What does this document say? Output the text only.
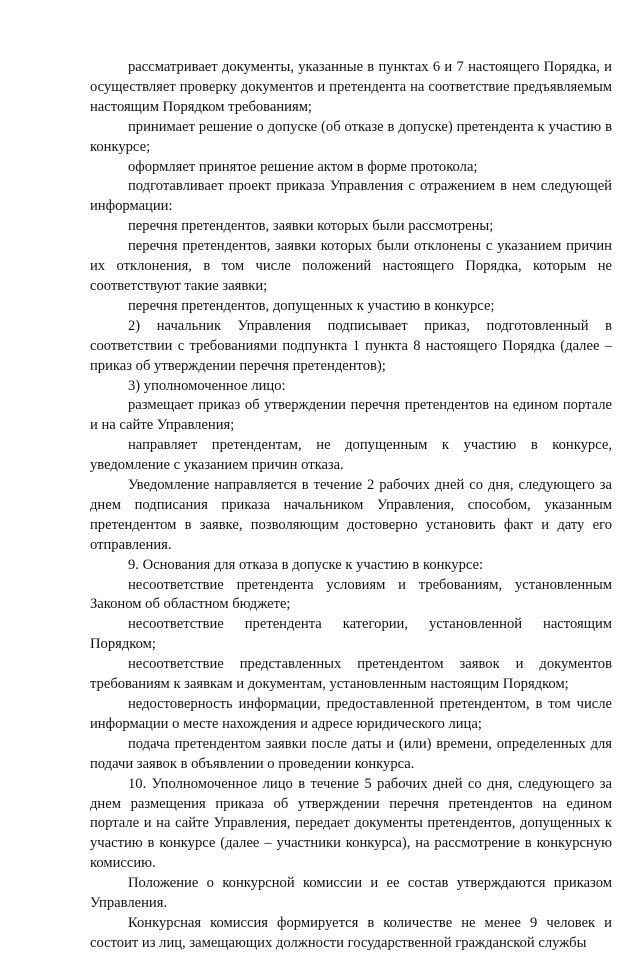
рассматривает документы, указанные в пунктах 6 и 7 настоящего Порядка, и осуществляет проверку документов и претендента на соответствие предъявляемым настоящим Порядком требованиям;

принимает решение о допуске (об отказе в допуске) претендента к участию в конкурсе;

оформляет принятое решение актом в форме протокола;

подготавливает проект приказа Управления с отражением в нем следующей информации:

перечня претендентов, заявки которых были рассмотрены;

перечня претендентов, заявки которых были отклонены с указанием причин их отклонения, в том числе положений настоящего Порядка, которым не соответствуют такие заявки;

перечня претендентов, допущенных к участию в конкурсе;

2) начальник Управления подписывает приказ, подготовленный в соответствии с требованиями подпункта 1 пункта 8 настоящего Порядка (далее – приказ об утверждении перечня претендентов);

3) уполномоченное лицо:

размещает приказ об утверждении перечня претендентов на едином портале и на сайте Управления;

направляет претендентам, не допущенным к участию в конкурсе, уведомление с указанием причин отказа.

Уведомление направляется в течение 2 рабочих дней со дня, следующего за днем подписания приказа начальником Управления, способом, указанным претендентом в заявке, позволяющим достоверно установить факт и дату его отправления.

9. Основания для отказа в допуске к участию в конкурсе:

несоответствие претендента условиям и требованиям, установленным Законом об областном бюджете;

несоответствие претендента категории, установленной настоящим Порядком;

несоответствие представленных претендентом заявок и документов требованиям к заявкам и документам, установленным настоящим Порядком;

недостоверность информации, предоставленной претендентом, в том числе информации о месте нахождения и адресе юридического лица;

подача претендентом заявки после даты и (или) времени, определенных для подачи заявок в объявлении о проведении конкурса.

10. Уполномоченное лицо в течение 5 рабочих дней со дня, следующего за днем размещения приказа об утверждении перечня претендентов на едином портале и на сайте Управления, передает документы претендентов, допущенных к участию в конкурсе (далее – участники конкурса), на рассмотрение в конкурсную комиссию.

Положение о конкурсной комиссии и ее состав утверждаются приказом Управления.

Конкурсная комиссия формируется в количестве не менее 9 человек и состоит из лиц, замещающих должности государственной гражданской службы
